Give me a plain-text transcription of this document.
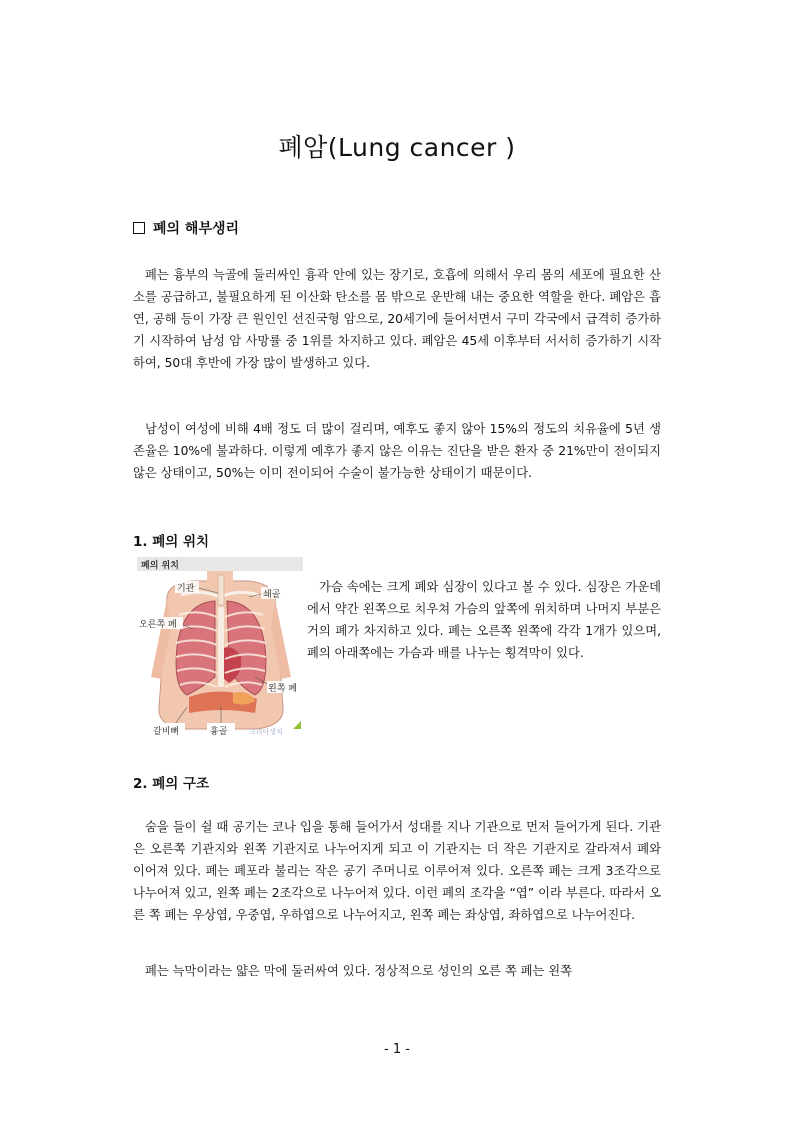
폐암(Lung cancer )
폐의 해부생리

폐는 흉부의 늑골에 둘러싸인 흉곽 안에 있는 장기로, 호흡에 의해서 우리 몸의 세포에 필요한 산소를 공급하고, 불필요하게 된 이산화 탄소를 몸 밖으로 운반해 내는 중요한 역할을 한다. 폐암은 흡연, 공해 등이 가장 큰 원인인 선진국형 암으로, 20세기에 들어서면서 구미 각국에서 급격히 증가하기 시작하여 남성 암 사망률 중 1위를 차지하고 있다. 폐암은 45세 이후부터 서서히 증가하기 시작하여, 50대 후반에 가장 많이 발생하고 있다.

남성이 여성에 비해 4배 정도 더 많이 걸리며, 예후도 좋지 않아 15%의 정도의 치유율에 5년 생존율은 10%에 불과하다. 이렇게 예후가 좋지 않은 이유는 진단을 받은 환자 중 21%만이 전이되지 않은 상태이고, 50%는 이미 전이되어 수술이 불가능한 상태이기 때문이다.

1. 폐의 위치
폐의 위치
기관
쇄골
오른쪽 폐
왼쪽 폐
갈비뼈	흉골	크리아생치

가슴 속에는 크게 폐와 심장이 있다고 볼 수 있다. 심장은 가운데에서 약간 왼쪽으로 치우쳐 가슴의 앞쪽에 위치하며 나머지 부분은 거의 폐가 차지하고 있다. 폐는 오른쪽 왼쪽에 각각 1개가 있으며, 폐의 아래쪽에는 가슴과 배를 나누는 횡격막이 있다.

2. 폐의 구조

숨을 들이 쉴 때 공기는 코나 입을 통해 들어가서 성대를 지나 기관으로 먼저 들어가게 된다. 기관은 오른쪽 기관지와 왼쪽 기관지로 나누어지게 되고 이 기관지는 더 작은 기관지로 갈라져서 폐와 이어져 있다. 폐는 폐포라 불리는 작은 공기 주머니로 이루어져 있다. 오른쪽 폐는 크게 3조각으로 나누어져 있고, 왼쪽 폐는 2조각으로 나누어져 있다. 이런 폐의 조각을 “엽” 이라 부른다. 따라서 오른 쪽 폐는 우상엽, 우중엽, 우하엽으로 나누어지고, 왼쪽 폐는 좌상엽, 좌하엽으로 나누어진다.

폐는 늑막이라는 얇은 막에 둘러싸여 있다. 정상적으로 성인의 오른 쪽 폐는 왼쪽

- 1 -
